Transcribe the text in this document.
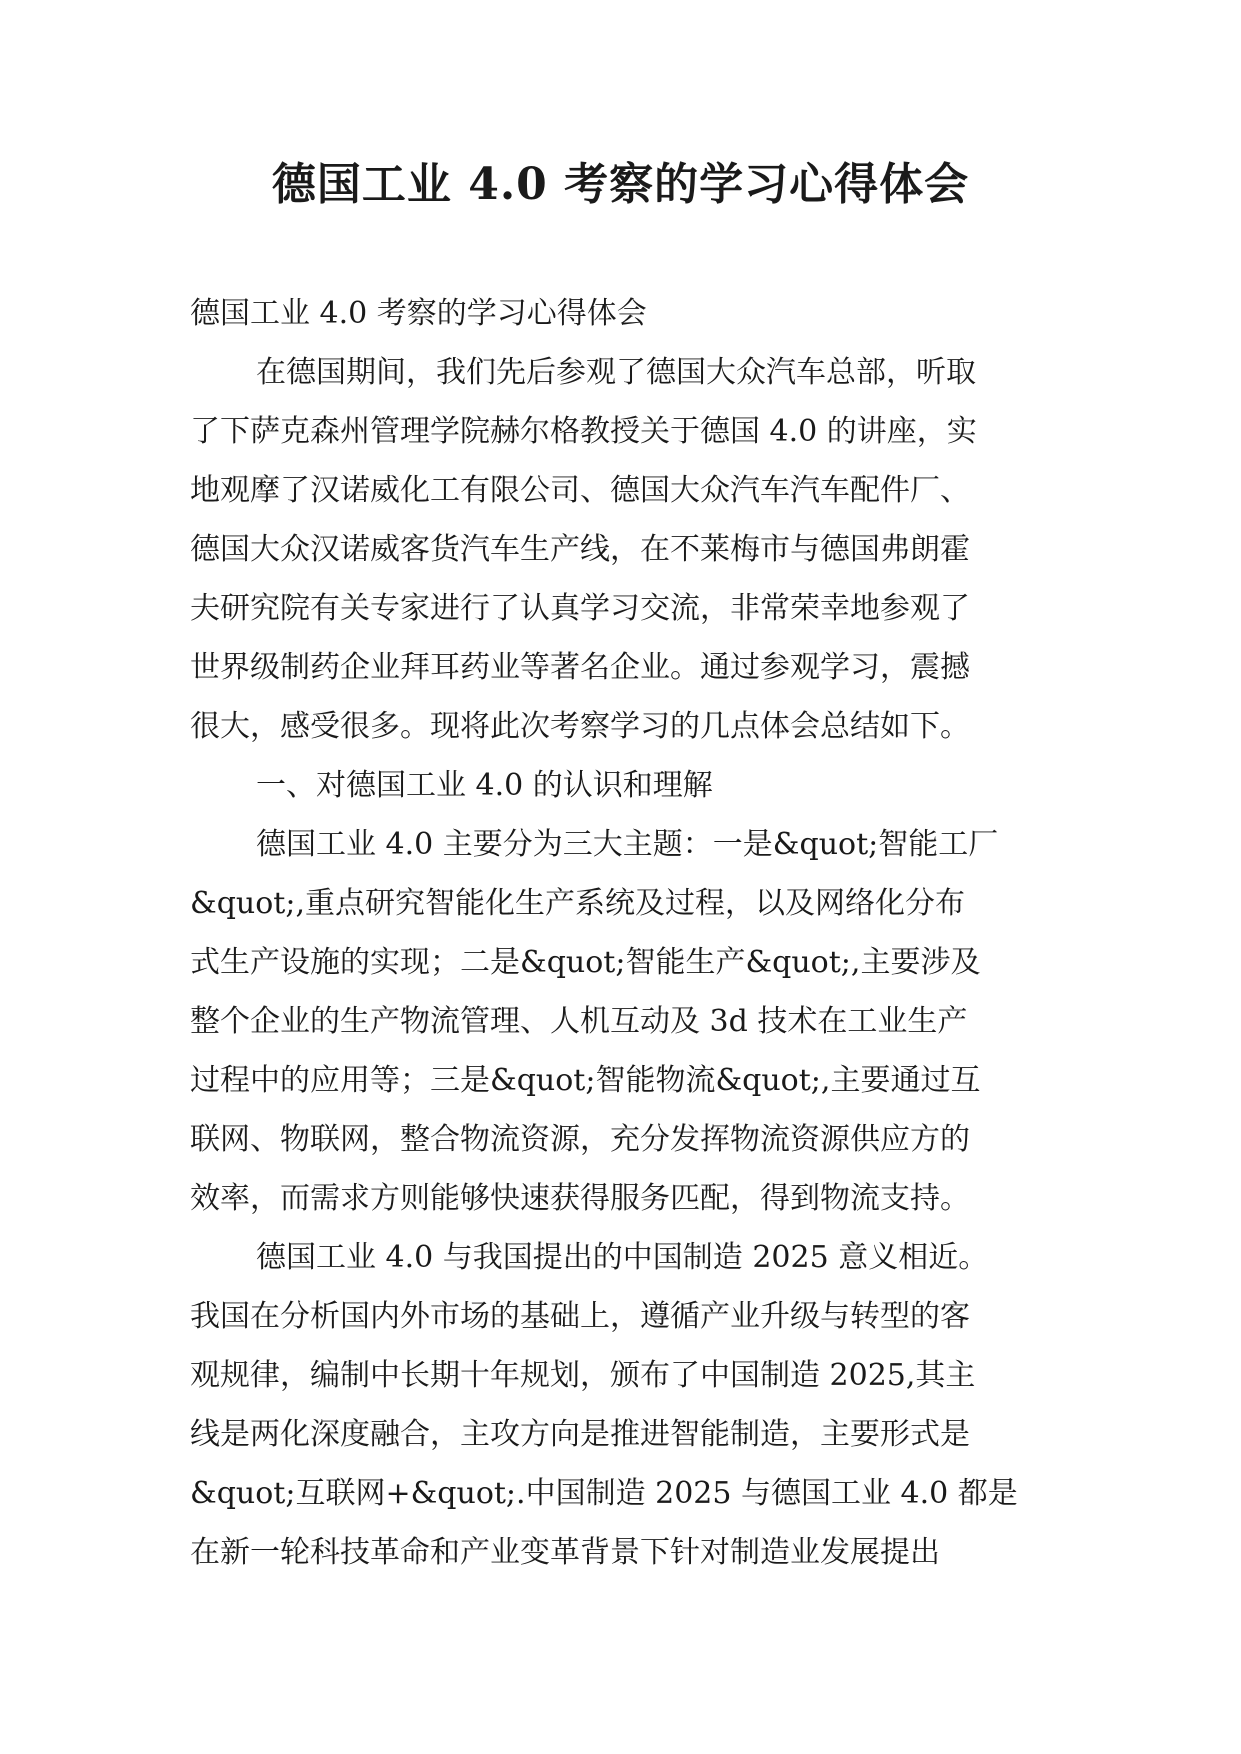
德国工业 4.0 考察的学习心得体会

德国工业 4.0 考察的学习心得体会

在德国期间，我们先后参观了德国大众汽车总部，听取

了下萨克森州管理学院赫尔格教授关于德国 4.0 的讲座，实

地观摩了汉诺威化工有限公司、德国大众汽车汽车配件厂、

德国大众汉诺威客货汽车生产线，在不莱梅市与德国弗朗霍

夫研究院有关专家进行了认真学习交流，非常荣幸地参观了

世界级制药企业拜耳药业等著名企业。通过参观学习，震撼

很大，感受很多。现将此次考察学习的几点体会总结如下。

一、对德国工业 4.0 的认识和理解

德国工业 4.0 主要分为三大主题：一是&quot;智能工厂

&quot;,重点研究智能化生产系统及过程，以及网络化分布

式生产设施的实现；二是&quot;智能生产&quot;,主要涉及

整个企业的生产物流管理、人机互动及 3d 技术在工业生产

过程中的应用等；三是&quot;智能物流&quot;,主要通过互

联网、物联网，整合物流资源，充分发挥物流资源供应方的

效率，而需求方则能够快速获得服务匹配，得到物流支持。

德国工业 4.0 与我国提出的中国制造 2025 意义相近。

我国在分析国内外市场的基础上，遵循产业升级与转型的客

观规律，编制中长期十年规划，颁布了中国制造 2025,其主

线是两化深度融合，主攻方向是推进智能制造，主要形式是

&quot;互联网+&quot;.中国制造 2025 与德国工业 4.0 都是

在新一轮科技革命和产业变革背景下针对制造业发展提出
